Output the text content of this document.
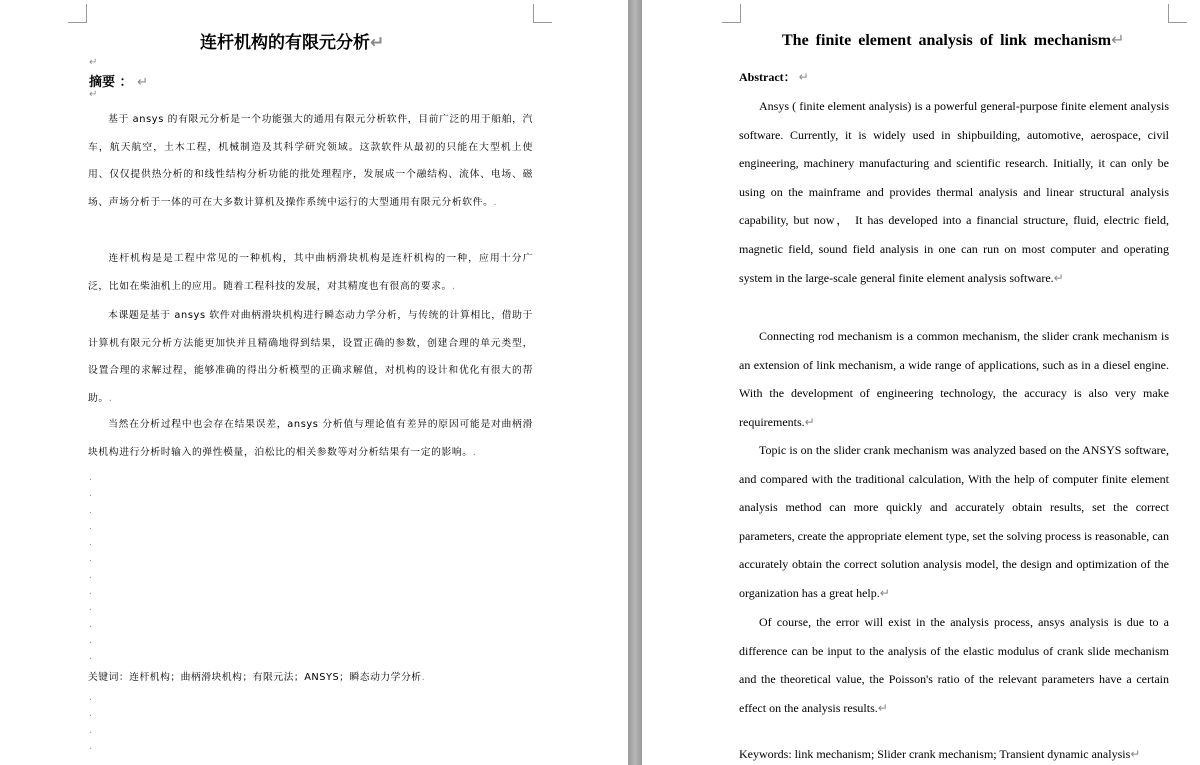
连杆机构的有限元分析↵
↵
摘要 ： ↵
↵
基于 ansys 的有限元分析是一个功能强大的通用有限元分析软件，目前广泛的用于船舶，汽车，航天航空，土木工程，机械制造及其科学研究领域。这款软件从最初的只能在大型机上使用、仅仅提供热分析的和线性结构分析功能的批处理程序，发展成一个融结构、流体、电场、磁场、声场分析于一体的可在大多数计算机及操作系统中运行的大型通用有限元分析软件。.
连杆机构是是工程中常见的一种机构，其中曲柄滑块机构是连杆机构的一种，应用十分广泛，比如在柴油机上的应用。随着工程科技的发展，对其精度也有很高的要求。.
本课题是基于 ansys 软件对曲柄滑块机构进行瞬态动力学分析，与传统的计算相比，借助于计算机有限元分析方法能更加快并且精确地得到结果，设置正确的参数，创建合理的单元类型，设置合理的求解过程，能够准确的得出分析模型的正确求解值，对机构的设计和优化有很大的帮助。.
当然在分析过程中也会存在结果误差，ansys 分析值与理论值有差异的原因可能是对曲柄滑块机构进行分析时输入的弹性模量，泊松比的相关参数等对分析结果有一定的影响。.
.
.
.
.
.
.
.
.
.
.
.
.
关键词：连杆机构；曲柄滑块机构；有限元法；ANSYS；瞬态动力学分析.
.
.
.
.
The finite element analysis of link mechanism↵
Abstract： ↵
Ansys ( finite element analysis) is a powerful general-purpose finite element analysis software. Currently, it is widely used in shipbuilding, automotive, aerospace, civil engineering, machinery manufacturing and scientific research. Initially, it can only be using on the mainframe and provides thermal analysis and linear structural analysis capability, but now， It has developed into a financial structure, fluid, electric field, magnetic field, sound field analysis in one can run on most computer and operating system in the large-scale general finite element analysis software.↵
Connecting rod mechanism is a common mechanism, the slider crank mechanism is an extension of link mechanism, a wide range of applications, such as in a diesel engine. With the development of engineering technology, the accuracy is also very make requirements.↵
Topic is on the slider crank mechanism was analyzed based on the ANSYS software, and compared with the traditional calculation, With the help of computer finite element analysis method can more quickly and accurately obtain results, set the correct parameters, create the appropriate element type, set the solving process is reasonable, can accurately obtain the correct solution analysis model, the design and optimization of the organization has a great help.↵
Of course, the error will exist in the analysis process, ansys analysis is due to a difference can be input to the analysis of the elastic modulus of crank slide mechanism and the theoretical value, the Poisson's ratio of the relevant parameters have a certain effect on the analysis results.↵
Keywords: link mechanism; Slider crank mechanism; Transient dynamic analysis↵
